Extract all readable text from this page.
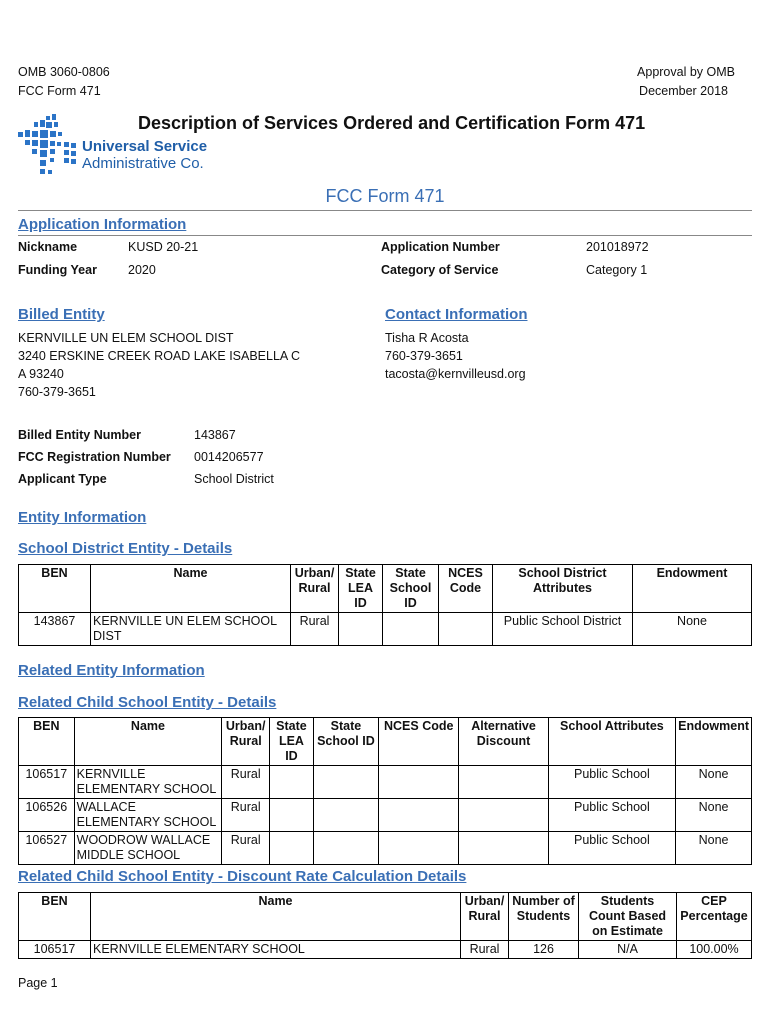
OMB 3060-0806
FCC Form 471
Approval by OMB
December 2018
Universal Service
Administrative Co.
Description of Services Ordered and Certification Form 471
FCC Form 471
Application Information
Nickname	KUSD 20-21
Funding Year 2020
Application Number	201018972
Category of Service	Category 1
Billed Entity
KERNVILLE UN ELEM SCHOOL DIST
3240 ERSKINE CREEK ROAD LAKE ISABELLA C
A 93240
760-379-3651
Contact Information
Tisha R Acosta
760-379-3651
tacosta@kernvilleusd.org
Billed Entity Number	143867
FCC Registration Number 0014206577
Applicant Type	School District
Entity Information
School District Entity - Details
BEN	Name	Urban/ Rural	State LEA ID	State School ID	NCES Code	School District Attributes	Endowment
143867	KERNVILLE UN ELEM SCHOOL DIST	Rural				Public School District	None
Related Entity Information
Related Child School Entity - Details
BEN	Name	Urban/ Rural	State LEA ID	State School ID	NCES Code	Alternative Discount	School Attributes	Endowment
106517	KERNVILLE ELEMENTARY SCHOOL	Rural					Public School	None
106526	WALLACE ELEMENTARY SCHOOL	Rural					Public School	None
106527	WOODROW WALLACE MIDDLE SCHOOL	Rural					Public School	None
Related Child School Entity - Discount Rate Calculation Details
BEN	Name	Urban/ Rural	Number of Students	Students Count Based on Estimate	CEP Percentage
106517	KERNVILLE ELEMENTARY SCHOOL	Rural	126	N/A	100.00%
Page 1
